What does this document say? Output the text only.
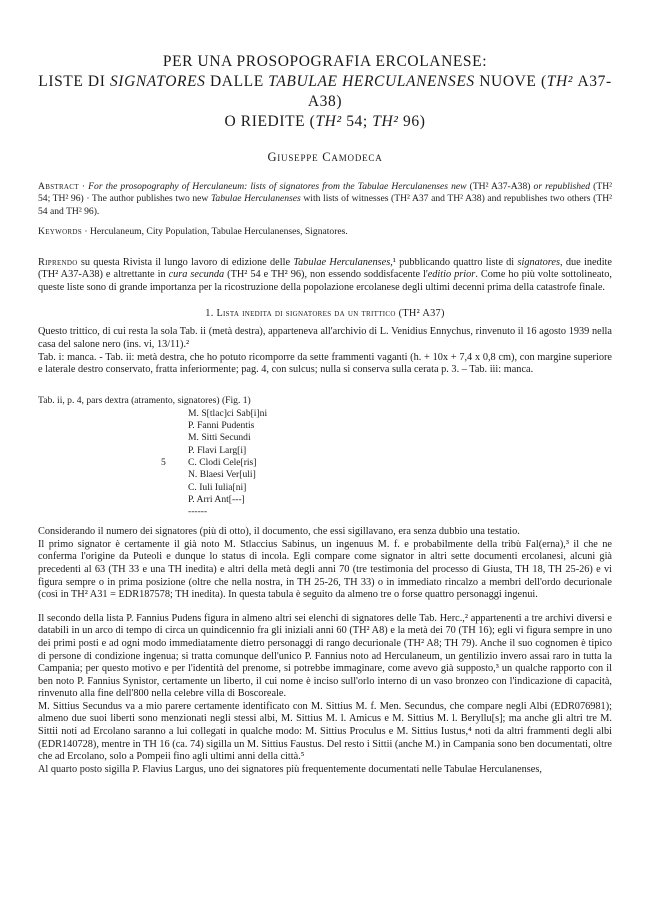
PER UNA PROSOPOGRAFIA ERCOLANESE:
LISTE DI SIGNATORES DALLE TABULAE HERCULANENSES NUOVE (TH² A37-
A38)
O RIEDITE (TH² 54; TH² 96)
Giuseppe Camodeca
Abstract · For the prosopography of Herculaneum: lists of signatores from the Tabulae Herculanenses new (TH² A37-A38) or republished (TH² 54; TH² 96) · The author publishes two new Tabulae Herculanenses with lists of witnesses (TH² A37 and TH² A38) and republishes two others (TH² 54 and TH² 96).
Keywords · Herculaneum, City Population, Tabulae Herculanenses, Signatores.
Riprendo su questa Rivista il lungo lavoro di edizione delle Tabulae Herculanenses,¹ pubblicando quattro liste di signatores, due inedite (TH² A37-A38) e altrettante in cura secunda (TH² 54 e TH² 96), non essendo soddisfacente l'editio prior. Come ho più volte sottolineato, queste liste sono di grande importanza per la ricostruzione della popolazione ercolanese degli ultimi decenni prima della catastrofe finale.
1. Lista inedita di signatores da un trittico (TH² A37)

Questo trittico, di cui resta la sola Tab. ii (metà destra), apparteneva all'archivio di L. Venidius Ennychus, rinvenuto il 16 agosto 1939 nella casa del salone nero (ins. vi, 13/11).²

Tab. i: manca. - Tab. ii: metà destra, che ho potuto ricomporre da sette frammenti vaganti (h. + 10x + 7,4 x 0,8 cm), con margine superiore e laterale destro conservato, fratta inferiormente; pag. 4, con sulcus; nulla si conserva sulla cerata p. 3. – Tab. iii: manca.

Tab. ii, p. 4, pars dextra (atramento, signatores) (Fig. 1)
M. S[tlac]ci Sab[i]ni
P. Fanni Pudentis
M. Sitti Secundi
P. Flavi Larg[i]
5 C. Clodi Cele[ris]
N. Blaesi Ver[uli]
C. Iuli Iulia[ni]
P. Arri Ant[---]
------

Considerando il numero dei signatores (più di otto), il documento, che essi sigillavano, era senza dubbio una testatio.

Il primo signator è certamente il già noto M. Stlaccius Sabinus, un ingenuus M. f. e probabilmente della tribù Fal(erna),³ il che ne conferma l'origine da Puteoli e dunque lo status di incola. Egli compare come signator in altri sette documenti ercolanesi, alcuni già precedenti al 63 (TH 33 e una TH inedita) e altri della metà degli anni 70 (tre testimonia del processo di Giusta, TH 18, TH 25-26) e vi figura sempre o in prima posizione (oltre che nella nostra, in TH 25-26, TH 33) o in immediato rincalzo a membri dell'ordo decurionale (così in TH² A31 = EDR187578; TH inedita). In questa tabula è seguito da almeno tre o forse quattro personaggi ingenui.

Il secondo della lista P. Fannius Pudens figura in almeno altri sei elenchi di signatores delle Tab. Herc.,² appartenenti a tre archivi diversi e databili in un arco di tempo di circa un quindicennio fra gli iniziali anni 60 (TH² A8) e la metà dei 70 (TH 16); egli vi figura sempre in uno dei primi posti e ad ogni modo immediatamente dietro personaggi di rango decurionale (TH² A8; TH 79). Anche il suo cognomen è tipico di persone di condizione ingenua; si tratta comunque dell'unico P. Fannius noto ad Herculaneum, un gentilizio invero assai raro in tutta la Campania; per questo motivo e per l'identità del prenome, si potrebbe immaginare, come avevo già supposto,³ un qualche rapporto con il ben noto P. Fannius Synistor, certamente un liberto, il cui nome è inciso sull'orlo interno di un vaso bronzeo con l'indicazione di capacità, rinvenuto alla fine dell'800 nella celebre villa di Boscoreale.

M. Sittius Secundus va a mio parere certamente identificato con M. Sittius M. f. Men. Secundus, che compare negli Albi (EDR076981); almeno due suoi liberti sono menzionati negli stessi albi, M. Sittius M. l. Amicus e M. Sittius M. l. Beryllu[s]; ma anche gli altri tre M. Sittii noti ad Ercolano saranno a lui collegati in qualche modo: M. Sittius Proculus e M. Sittius Iustus,⁴ noti da altri frammenti degli albi (EDR140728), mentre in TH 16 (ca. 74) sigilla un M. Sittius Faustus. Del resto i Sittii (anche M.) in Campania sono ben documentati, oltre che ad Ercolano, solo a Pompeii fino agli ultimi anni della città.⁵

Al quarto posto sigilla P. Flavius Largus, uno dei signatores più frequentemente documentati nelle Tabulae Herculanenses,
